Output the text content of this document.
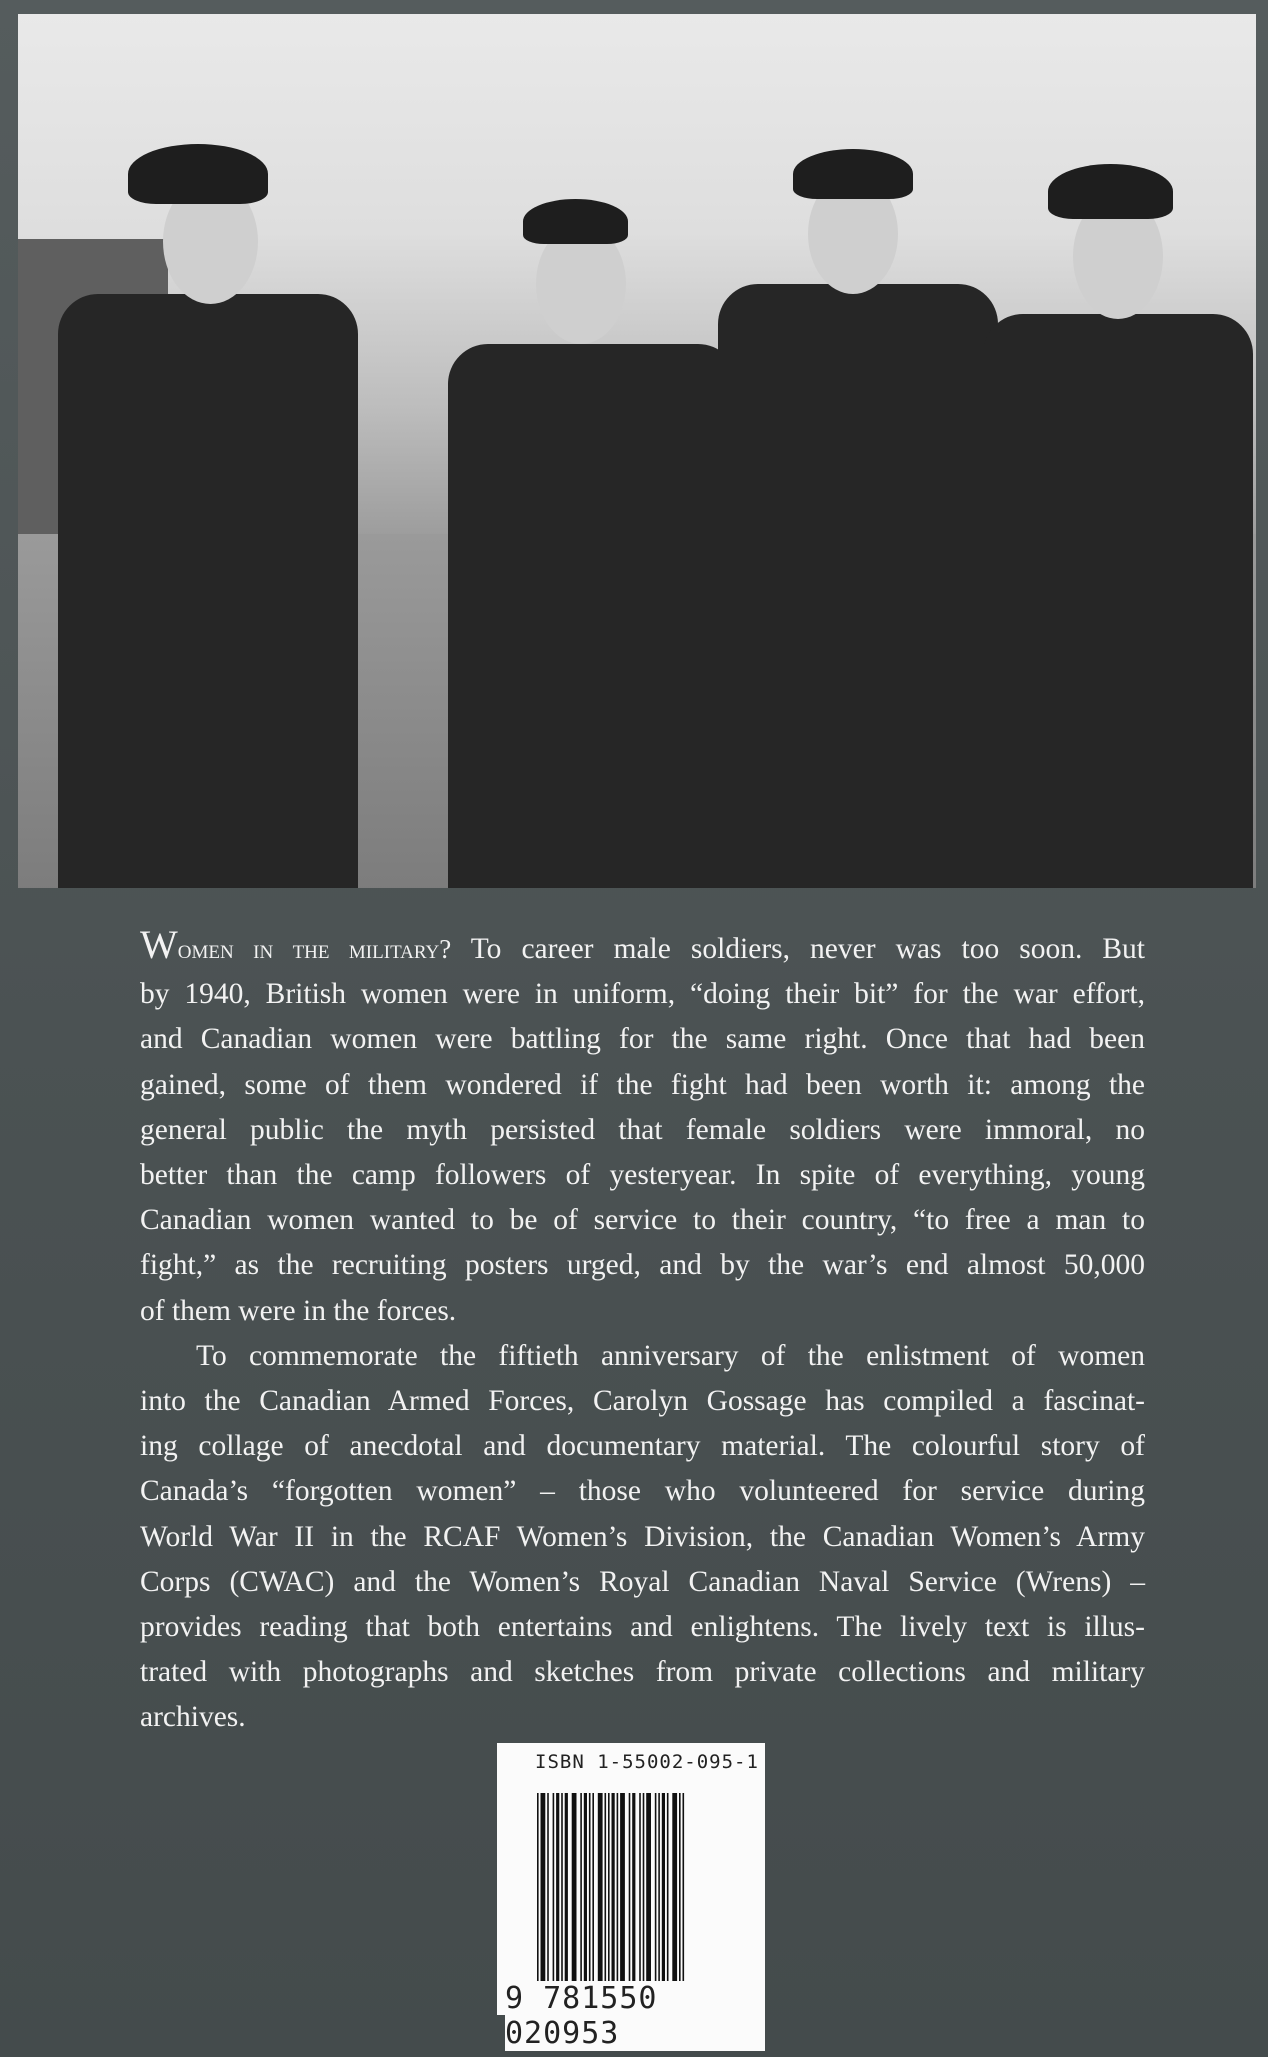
Women in the military? To career male soldiers, never was too soon. But
by 1940, British women were in uniform, “doing their bit” for the war effort,
and Canadian women were battling for the same right. Once that had been
gained, some of them wondered if the fight had been worth it: among the
general public the myth persisted that female soldiers were immoral, no
better than the camp followers of yesteryear. In spite of everything, young
Canadian women wanted to be of service to their country, “to free a man to
fight,” as the recruiting posters urged, and by the war’s end almost 50,000
of them were in the forces.
To commemorate the fiftieth anniversary of the enlistment of women
into the Canadian Armed Forces, Carolyn Gossage has compiled a fascinat-
ing collage of anecdotal and documentary material. The colourful story of
Canada’s “forgotten women” – those who volunteered for service during
World War II in the RCAF Women’s Division, the Canadian Women’s Army
Corps (CWAC) and the Women’s Royal Canadian Naval Service (Wrens) –
provides reading that both entertains and enlightens. The lively text is illus-
trated with photographs and sketches from private collections and military
archives.
ISBN 1-55002-095-1
9 781550 020953
